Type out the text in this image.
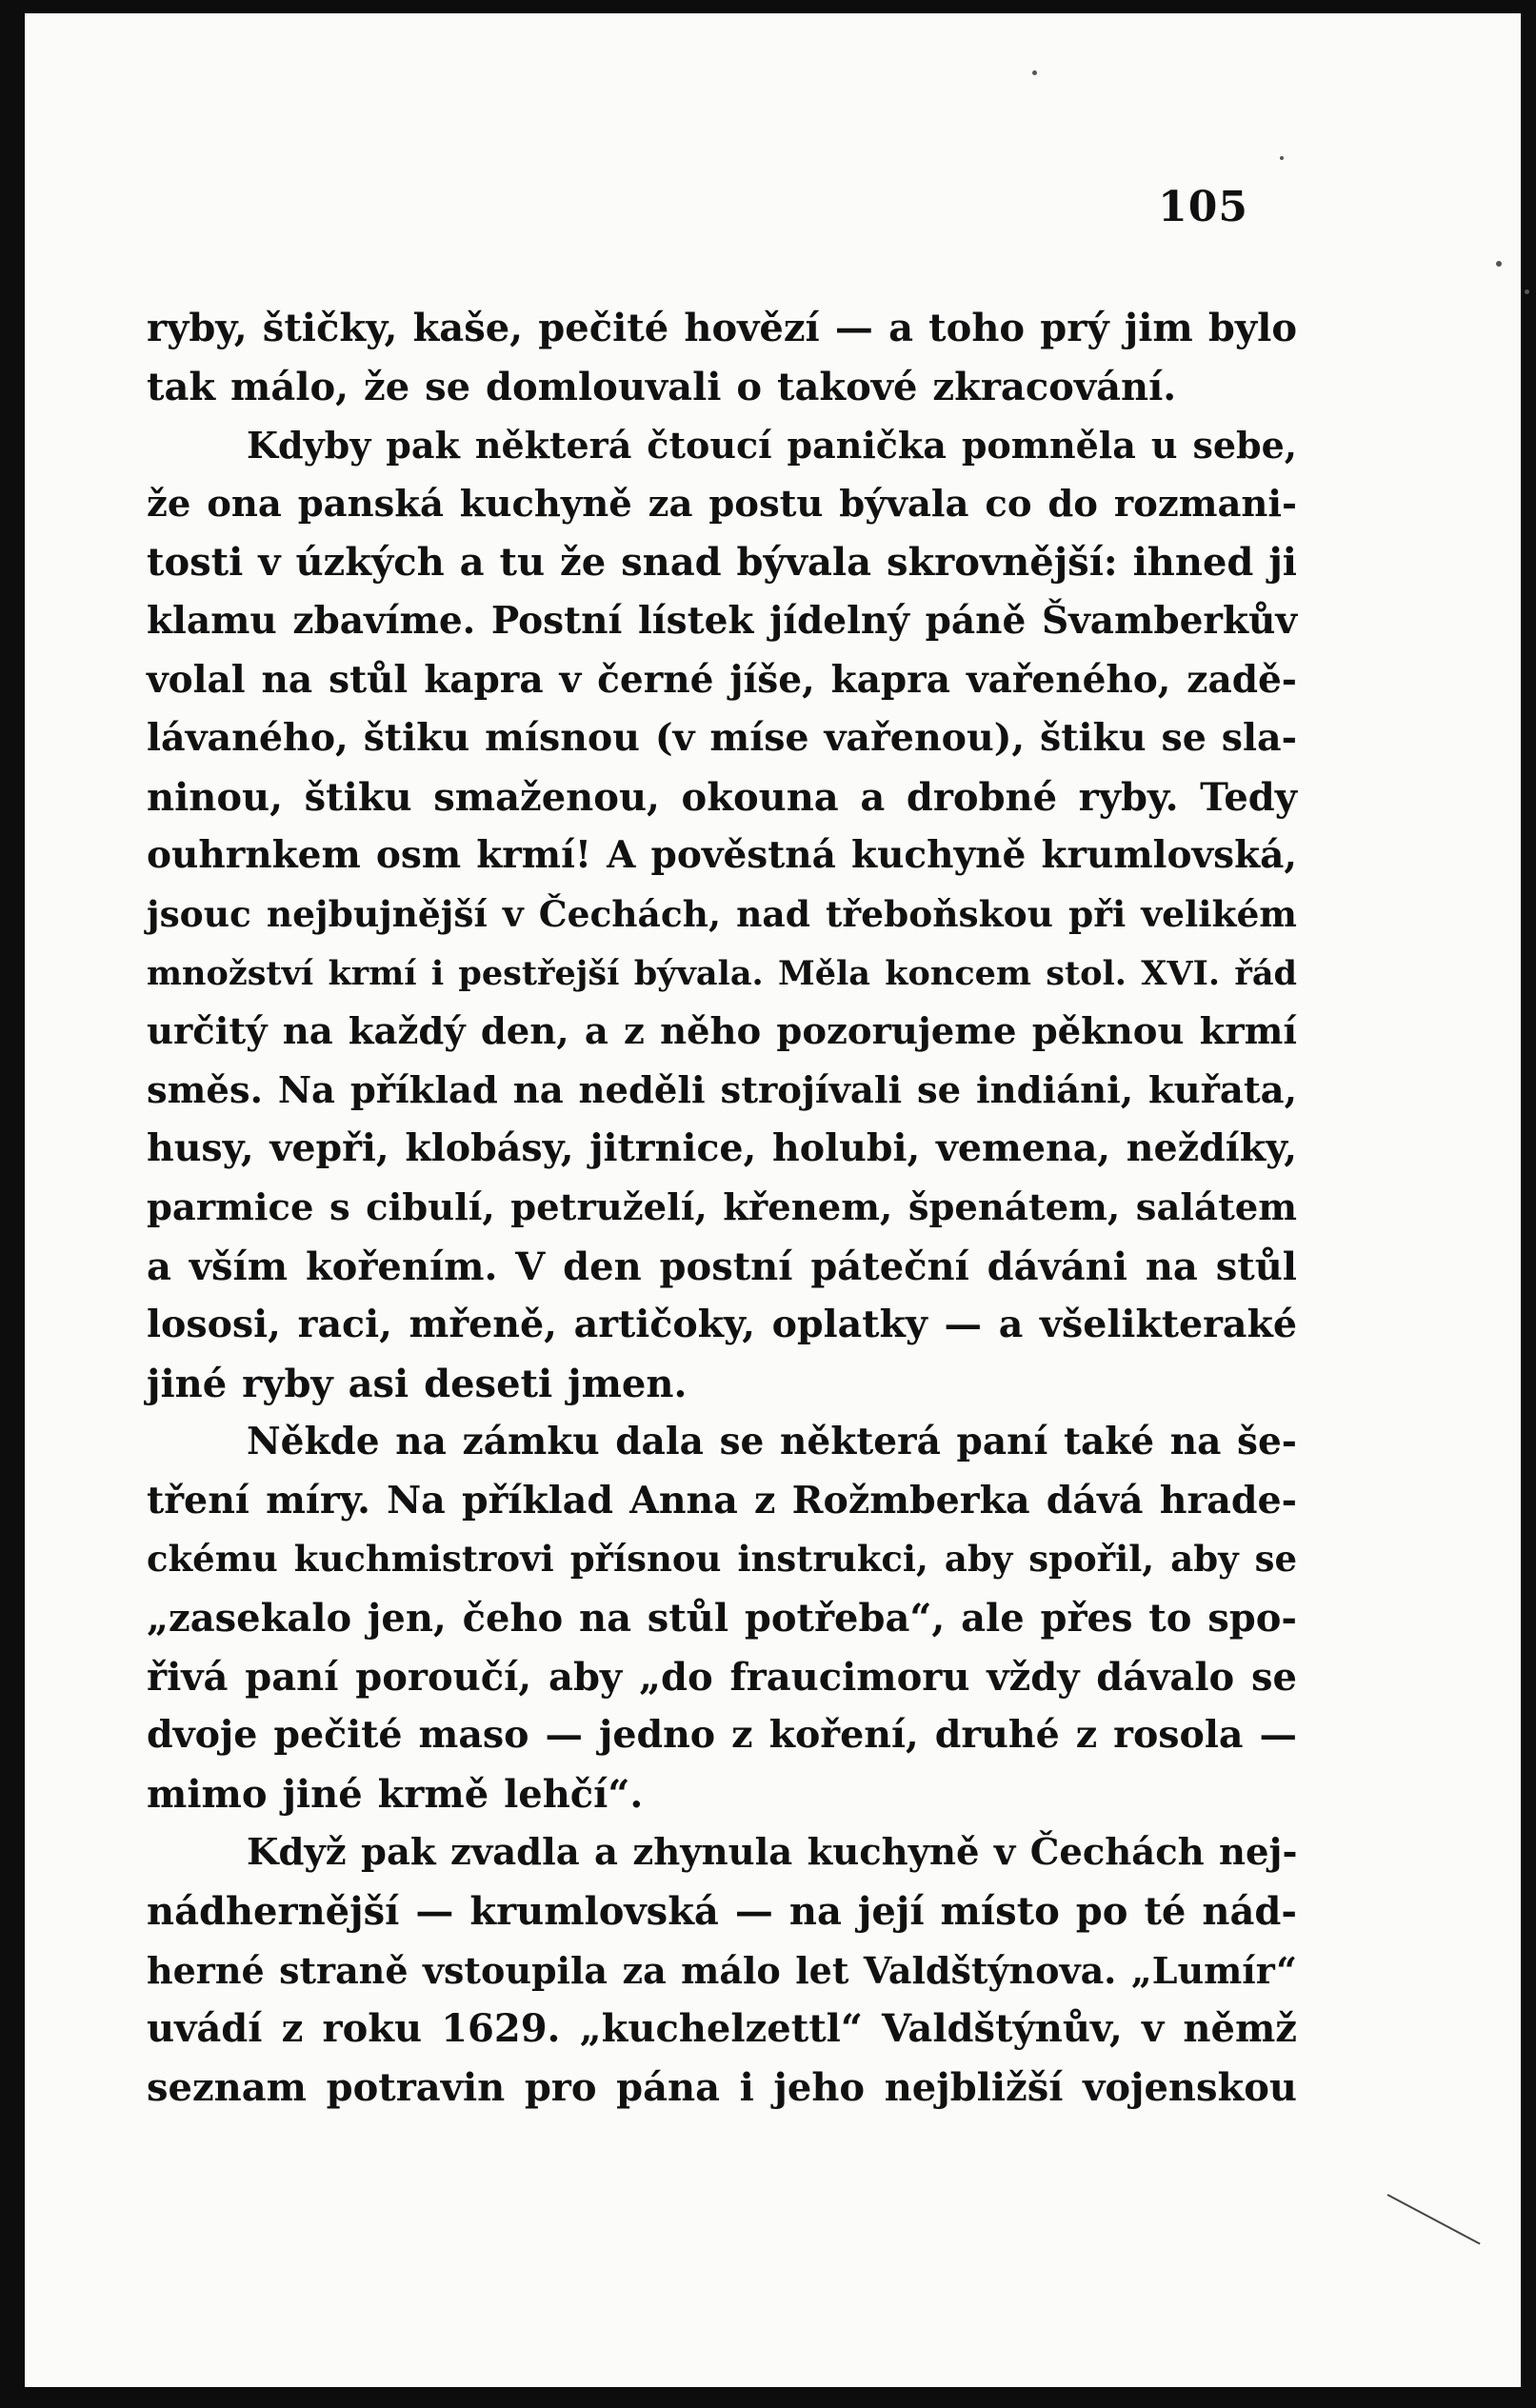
105
ryby, štičky, kaše, pečité hovězí — a toho prý jim bylo
tak málo, že se domlouvali o takové zkracování.
Kdyby pak některá čtoucí panička pomněla u sebe,
že ona panská kuchyně za postu bývala co do rozmani-
tosti v úzkých a tu že snad bývala skrovnější: ihned ji
klamu zbavíme. Postní lístek jídelný páně Švamberkův
volal na stůl kapra v černé jíše, kapra vařeného, zadě-
lávaného, štiku mísnou (v míse vařenou), štiku se sla-
ninou, štiku smaženou, okouna a drobné ryby. Tedy
ouhrnkem osm krmí! A pověstná kuchyně krumlovská,
jsouc nejbujnější v Čechách, nad třeboňskou při velikém
množství krmí i pestřejší bývala. Měla koncem stol. XVI. řád
určitý na každý den, a z něho pozorujeme pěknou krmí
směs. Na příklad na neděli strojívali se indiáni, kuřata,
husy, vepři, klobásy, jitrnice, holubi, vemena, neždíky,
parmice s cibulí, petruželí, křenem, špenátem, salátem
a vším kořením. V den postní páteční dáváni na stůl
lososi, raci, mřeně, artičoky, oplatky — a všelikteraké
jiné ryby asi deseti jmen.
Někde na zámku dala se některá paní také na še-
tření míry. Na příklad Anna z Rožmberka dává hrade-
ckému kuchmistrovi přísnou instrukci, aby spořil, aby se
„zasekalo jen, čeho na stůl potřeba“, ale přes to spo-
řivá paní poroučí, aby „do fraucimoru vždy dávalo se
dvoje pečité maso — jedno z koření, druhé z rosola —
mimo jiné krmě lehčí“.
Když pak zvadla a zhynula kuchyně v Čechách nej-
nádhernější — krumlovská — na její místo po té nád-
herné straně vstoupila za málo let Valdštýnova. „Lumír“
uvádí z roku 1629. „kuchelzettl“ Valdštýnův, v němž
seznam potravin pro pána i jeho nejbližší vojenskou
